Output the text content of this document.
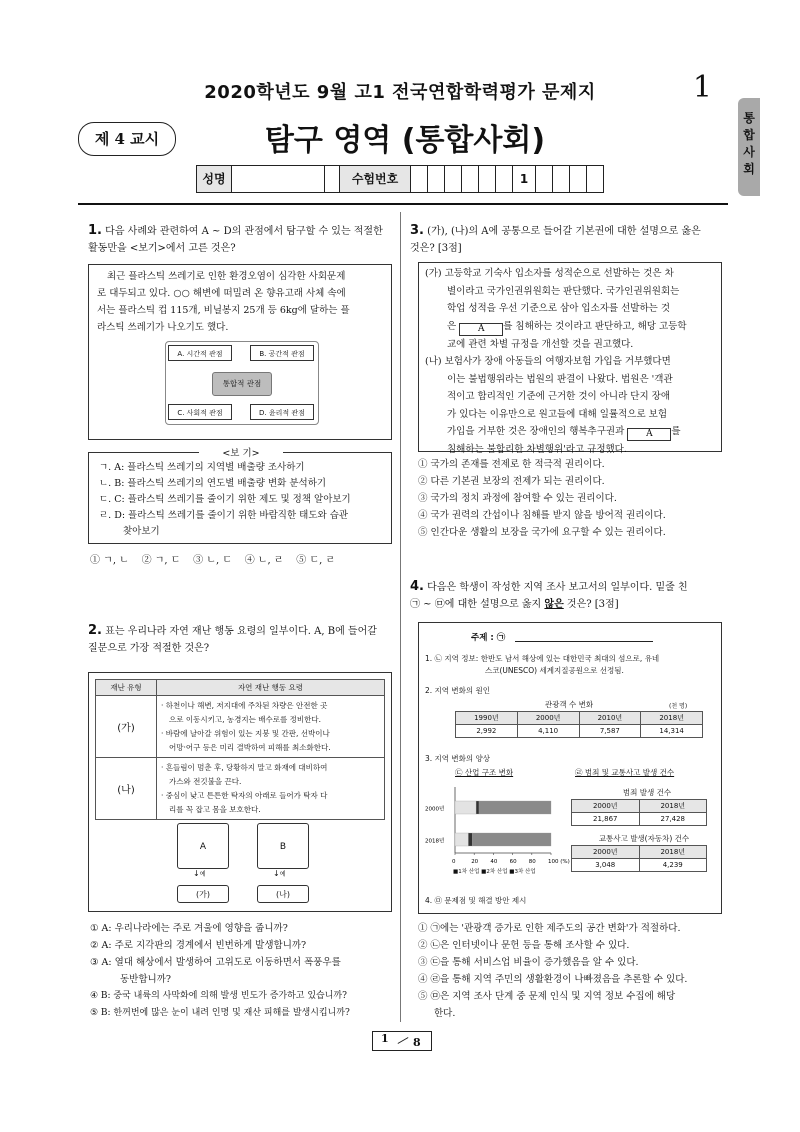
2020학년도 9월 고1 전국연합학력평가 문제지	1
통합사회
제 4 교시	탐구 영역 (통합사회)
성명	수험번호	1
1. 다음 사례와 관련하여 A ~ D의 관점에서 탐구할 수 있는 적절한
활동만을 <보기>에서 고른 것은?
최근 플라스틱 쓰레기로 인한 환경오염이 심각한 사회문제
로 대두되고 있다. ○○ 해변에 떠밀려 온 향유고래 사체 속에
서는 플라스틱 컵 115개, 비닐봉지 25개 등 6kg에 달하는 플
라스틱 쓰레기가 나오기도 했다.
A. 시간적 관점	B. 공간적 관점
통합적 관점
C. 사회적 관점	D. 윤리적 관점
<보 기>
ㄱ. A: 플라스틱 쓰레기의 지역별 배출량 조사하기
ㄴ. B: 플라스틱 쓰레기의 연도별 배출량 변화 분석하기
ㄷ. C: 플라스틱 쓰레기를 줄이기 위한 제도 및 정책 알아보기
ㄹ. D: 플라스틱 쓰레기를 줄이기 위한 바람직한 태도와 습관
찾아보기
① ㄱ, ㄴ    ② ㄱ, ㄷ    ③ ㄴ, ㄷ    ④ ㄴ, ㄹ    ⑤ ㄷ, ㄹ
2. 표는 우리나라 자연 재난 행동 요령의 일부이다. A, B에 들어갈
질문으로 가장 적절한 것은?
재난 유형	자연 재난 행동 요령
(가)	· 하천이나 해변, 저지대에 주차된 차량은 안전한 곳
으로 이동시키고, 농경지는 배수로를 정비한다.
· 바람에 날아갈 위험이 있는 지붕 및 간판, 선박이나
어망·어구 등은 미리 결박하여 피해를 최소화한다.

(나)	· 흔들림이 멈춘 후, 당황하지 말고 화재에 대비하여
가스와 전깃불을 끈다.
· 중심이 낮고 튼튼한 탁자의 아래로 들어가 탁자 다
리를 꼭 잡고 몸을 보호한다.
A	B
↓예	↓예
(가)	(나)
① A: 우리나라에는 주로 겨울에 영향을 줍니까?
② A: 주로 지각판의 경계에서 빈번하게 발생합니까?
③ A: 열대 해상에서 발생하여 고위도로 이동하면서 폭풍우를
동반합니까?
④ B: 중국 내륙의 사막화에 의해 발생 빈도가 증가하고 있습니까?
⑤ B: 한꺼번에 많은 눈이 내려 인명 및 재산 피해를 발생시킵니까?
3. (가), (나)의 A에 공통으로 들어갈 기본권에 대한 설명으로 옳은
것은? [3점]
(가) 고등학교 기숙사 입소자를 성적순으로 선발하는 것은 차
별이라고 국가인권위원회는 판단했다. 국가인권위원회는
학업 성적을 우선 기준으로 삼아 입소자를 선발하는 것
은 A 를 침해하는 것이라고 판단하고, 해당 고등학
교에 관련 차별 규정을 개선할 것을 권고했다.
(나) 보험사가 장애 아동들의 여행자보험 가입을 거부했다면
이는 불법행위라는 법원의 판결이 나왔다. 법원은 '객관
적이고 합리적인 기준에 근거한 것이 아니라 단지 장애
가 있다는 이유만으로 원고들에 대해 일률적으로 보험
가입을 거부한 것은 장애인의 행복추구권과 A 를
침해하는 불합리한 차별행위'라고 규정했다.
① 국가의 존재를 전제로 한 적극적 권리이다.
② 다른 기본권 보장의 전제가 되는 권리이다.
③ 국가의 정치 과정에 참여할 수 있는 권리이다.
④ 국가 권력의 간섭이나 침해를 받지 않을 방어적 권리이다.
⑤ 인간다운 생활의 보장을 국가에 요구할 수 있는 권리이다.
4. 다음은 학생이 작성한 지역 조사 보고서의 일부이다. 밑줄 친
㉠ ~ ㉤에 대한 설명으로 옳지 않은 것은? [3점]
주제 : ㉠
1. ㉡ 지역 정보: 한반도 남서 해상에 있는 대한민국 최대의 섬으로, 유네
스코(UNESCO) 세계지질공원으로 선정됨.
2. 지역 변화의 원인
관광객 수 변화	(천 명)
1990년	2000년	2010년	2018년
2,992	4,110	7,587	14,314
3. 지역 변화의 양상
㉢ 산업 구조 변화	㉣ 범죄 및 교통사고 발생 건수
2000년
2018년
0	20 40 60 80 100 (%)
■1차 산업 ■2차 산업 ■3차 산업
범죄 발생 건수
2000년	2018년
21,867	27,428
교통사고 발생(자동차) 건수
2000년	2018년
3,048	4,239
4. ㉤ 문제점 및 해결 방안 제시
① ㉠에는 '관광객 증가로 인한 제주도의 공간 변화'가 적절하다.
② ㉡은 인터넷이나 문헌 등을 통해 조사할 수 있다.
③ ㉢을 통해 서비스업 비율이 증가했음을 알 수 있다.
④ ㉣을 통해 지역 주민의 생활환경이 나빠졌음을 추론할 수 있다.
⑤ ㉤은 지역 조사 단계 중 문제 인식 및 지역 정보 수집에 해당
한다.
1 8
